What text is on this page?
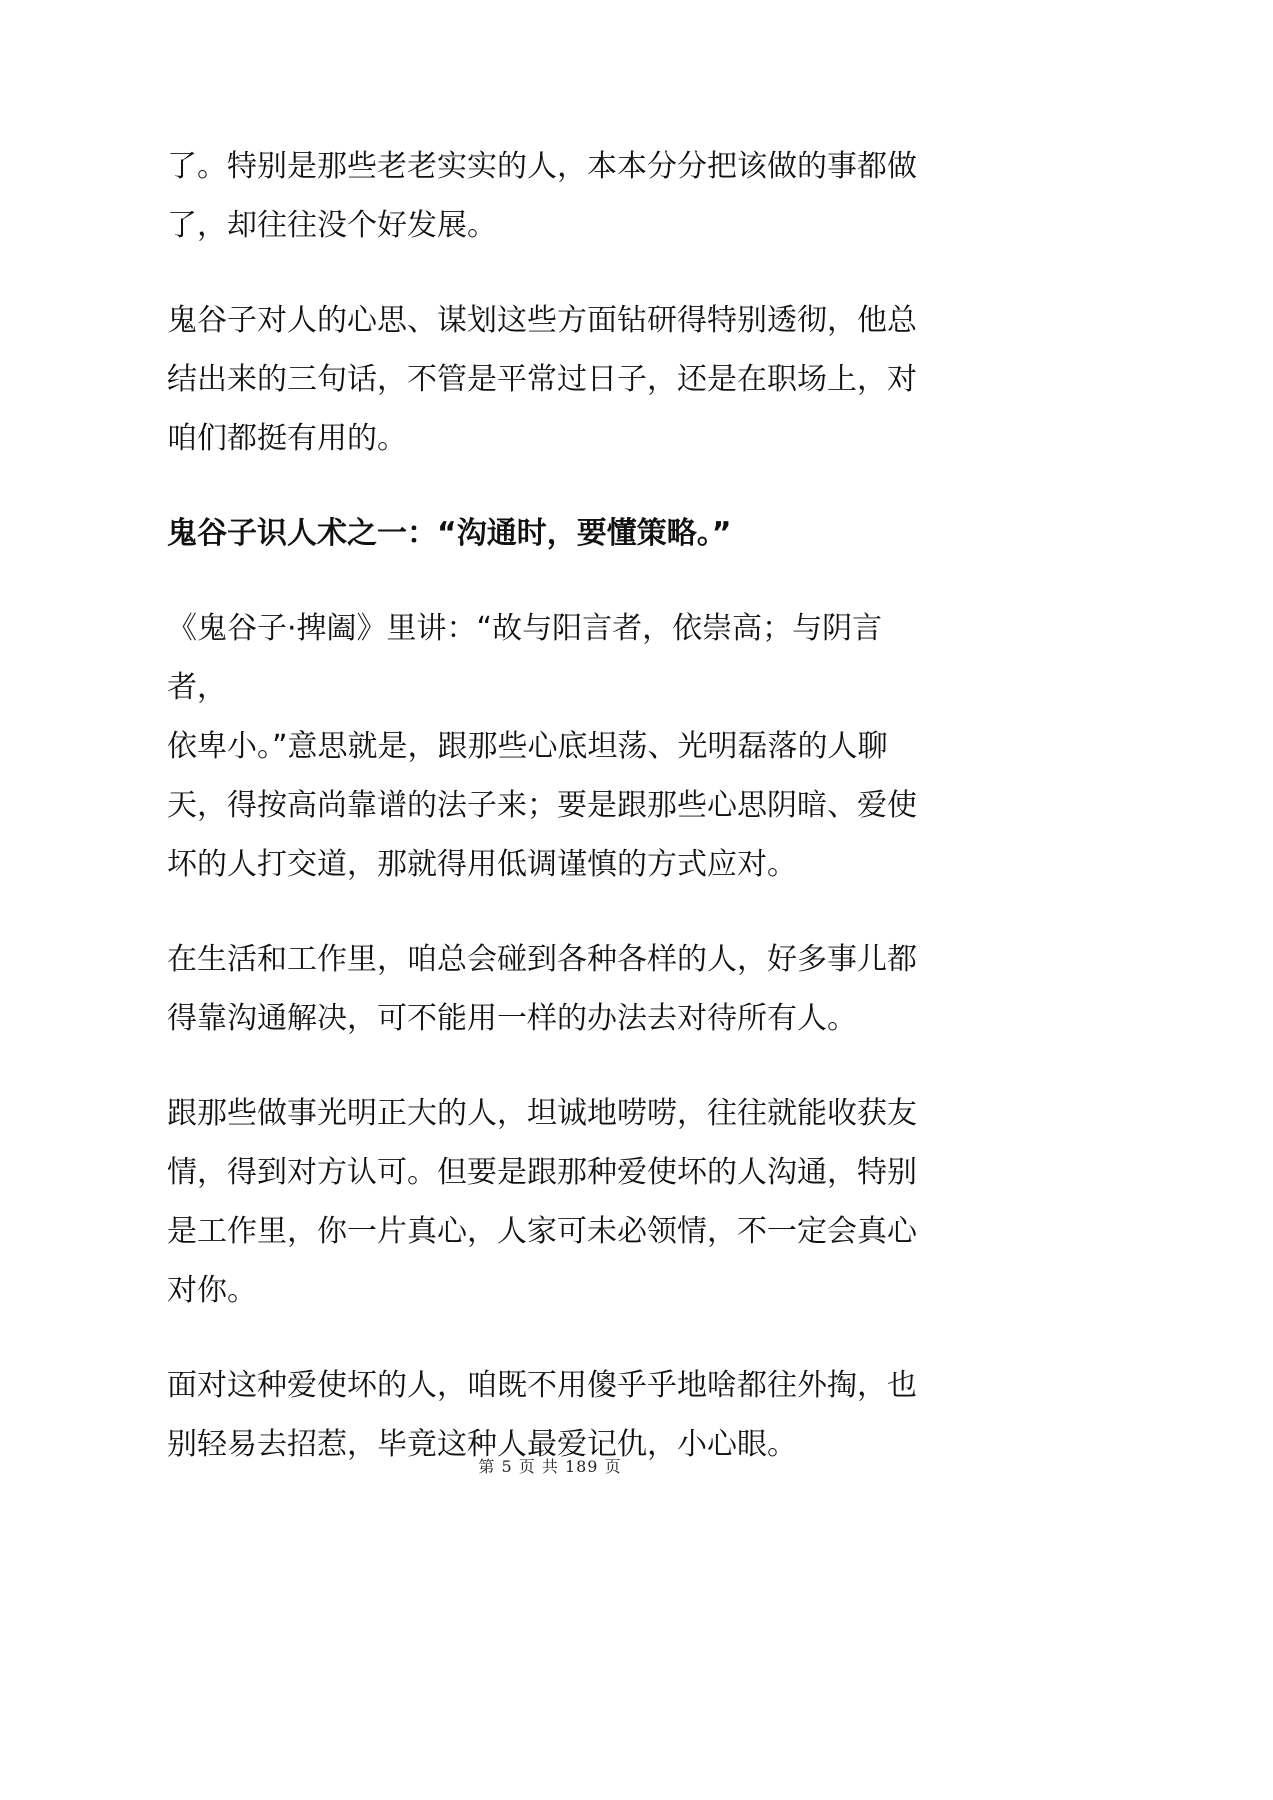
了。特别是那些老老实实的人，本本分分把该做的事都做
了，却往往没个好发展。

鬼谷子对人的心思、谋划这些方面钻研得特别透彻，他总
结出来的三句话，不管是平常过日子，还是在职场上，对
咱们都挺有用的。

鬼谷子识人术之一：“沟通时，要懂策略。”

《鬼谷子·捭阖》里讲：“故与阳言者，依崇高；与阴言者，
依卑小。”意思就是，跟那些心底坦荡、光明磊落的人聊
天，得按高尚靠谱的法子来；要是跟那些心思阴暗、爱使
坏的人打交道，那就得用低调谨慎的方式应对。

在生活和工作里，咱总会碰到各种各样的人，好多事儿都
得靠沟通解决，可不能用一样的办法去对待所有人。

跟那些做事光明正大的人，坦诚地唠唠，往往就能收获友
情，得到对方认可。但要是跟那种爱使坏的人沟通，特别
是工作里，你一片真心，人家可未必领情，不一定会真心
对你。

面对这种爱使坏的人，咱既不用傻乎乎地啥都往外掏，也
别轻易去招惹，毕竟这种人最爱记仇，小心眼。

第 5 页 共 189 页
